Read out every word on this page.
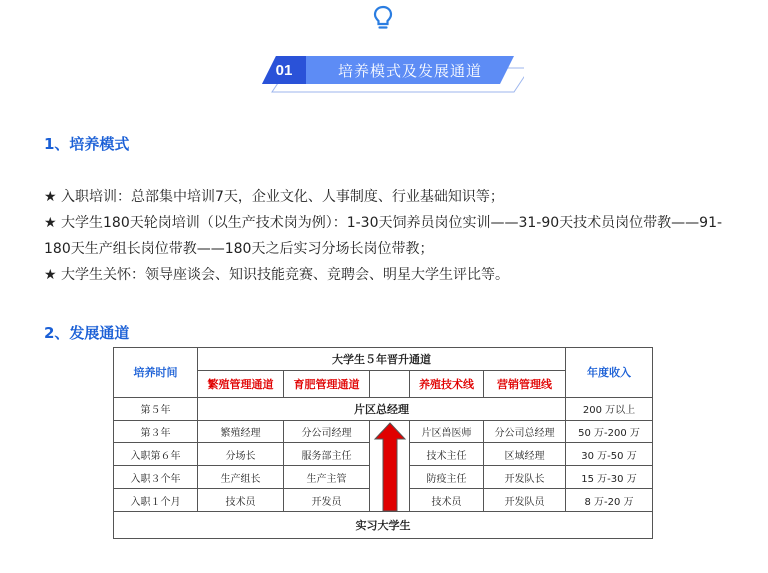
01	培养模式及发展通道
1、培养模式

★ 入职培训：总部集中培训7天，企业文化、人事制度、行业基础知识等；

★ 大学生180天轮岗培训（以生产技术岗为例）：1-30天饲养员岗位实训——31-90天技术员岗位带教——91-180天生产组长岗位带教——180天之后实习分场长岗位带教；

★ 大学生关怀：领导座谈会、知识技能竞赛、竞聘会、明星大学生评比等。

2、发展通道
培养时间	大学生５年晋升通道					年度收入
	繁殖管理通道	育肥管理通道		养殖技术线	营销管理线	
第５年	片区总经理					200 万以上
第３年	繁殖经理	分公司经理		片区兽医师	分公司总经理	50 万-200 万
入职第６年	分场长	服务部主任		技术主任	区域经理	30 万-50 万
入职３个年	生产组长	生产主管		防疫主任	开发队长	15 万-30 万
入职１个月	技术员	开发员		技术员	开发队员	8 万-20 万
实习大学生						
